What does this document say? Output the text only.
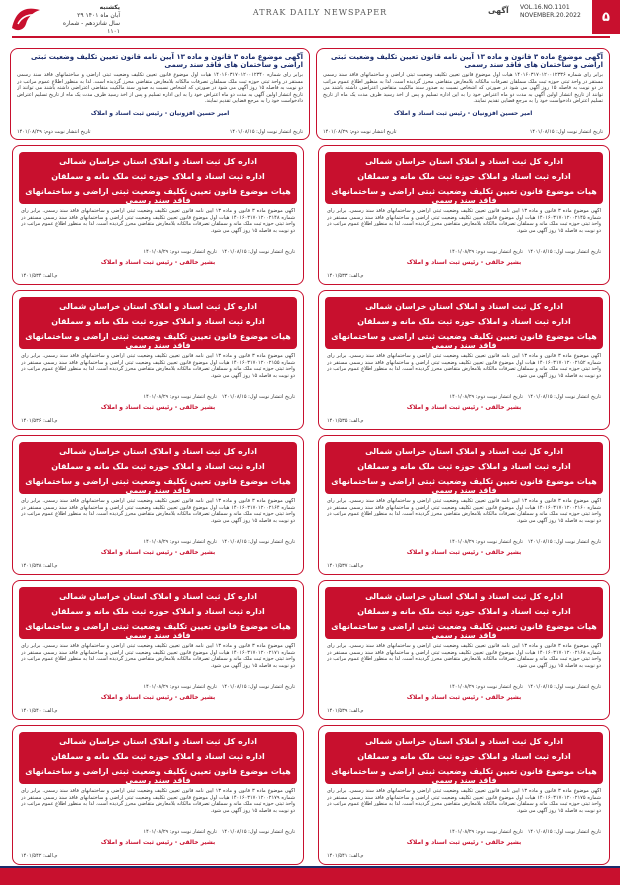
۵
VOL.16.NO.1101
NOVEMBER.20.2022
آگهی
ATRAK DAILY NEWSPAPER
یکشنبه
۲۹ آبان ماه ۱۴۰۱
سال شانزدهم - شماره ۱۱۰۱
آگهی موضوع ماده ۳ قانون و ماده ۱۳ آیین نامه قانون تعیین تکلیف وضعیت ثبتی اراضی و ساختمان های فاقد سند رسمی
برابر رأی شماره ۱۴۰۱۶۰۳۱۷۰۱۲۰۰۱۲۳۳۶ هیات اول موضوع قانون تعیین تکلیف وضعیت ثبتی اراضی و ساختمانهای فاقد سند رسمی مستقر در واحد ثبتی حوزه ثبت ملک سملقان تصرفات مالکانه بلامعارض متقاضی محرز گردیده است. لذا به منظور اطلاع عموم مراتب در دو نوبت به فاصله ۱۵ روز آگهی می شود در صورتی که اشخاص نسبت به صدور سند مالکیت متقاضی اعتراضی داشته باشند می توانند از تاریخ انتشار اولین آگهی به مدت دو ماه اعتراض خود را به این اداره تسلیم و پس از اخذ رسید ظرف مدت یک ماه از تاریخ تسلیم اعتراض دادخواست خود را به مرجع قضایی تقدیم نمایند.
امیر حسین افزونیان - رئیس ثبت اسناد و املاک
تاریخ انتشار نوبت اول: ۱۴۰۱/۰۸/۱۵
تاریخ انتشار نوبت دوم: ۱۴۰۱/۰۸/۲۹
آگهی موضوع ماده ۳ قانون و ماده ۱۳ آیین نامه قانون تعیین تکلیف وضعیت ثبتی اراضی و ساختمان های فاقد سند رسمی
برابر رأی شماره ۱۴۰۱۶۰۳۱۷۰۱۲۰۰۱۲۳۴۰ هیات اول موضوع قانون تعیین تکلیف وضعیت ثبتی اراضی و ساختمانهای فاقد سند رسمی مستقر در واحد ثبتی حوزه ثبت ملک سملقان تصرفات مالکانه بلامعارض متقاضی محرز گردیده است. لذا به منظور اطلاع عموم مراتب در دو نوبت به فاصله ۱۵ روز آگهی می شود در صورتی که اشخاص نسبت به صدور سند مالکیت متقاضی اعتراضی داشته باشند می توانند از تاریخ انتشار اولین آگهی به مدت دو ماه اعتراض خود را به این اداره تسلیم و پس از اخذ رسید ظرف مدت یک ماه از تاریخ تسلیم اعتراض دادخواست خود را به مرجع قضایی تقدیم نمایند.
امیر حسین افزونیان - رئیس ثبت اسناد و املاک
تاریخ انتشار نوبت اول: ۱۴۰۱/۰۸/۱۵
تاریخ انتشار نوبت دوم: ۱۴۰۱/۰۸/۲۹
اداره کل ثبت اسناد و املاک استان خراسان شمالی
اداره ثبت اسناد و املاک حوزه ثبت ملک مانه و سملقان
هیات موضوع قانون تعیین تکلیف وضعیت ثبتی اراضی و ساختمانهای فاقد سند رسمی
آگهی موضوع ماده ۳ قانون و ماده ۱۳ آیین نامه قانون تعیین تکلیف وضعیت ثبتی اراضی و ساختمانهای فاقد سند رسمی. برابر رأی شماره ۱۴۰۱۶۰۳۱۷۰۱۲۰۰۲۱۴۵ هیات اول موضوع قانون تعیین تکلیف وضعیت ثبتی اراضی و ساختمانهای فاقد سند رسمی مستقر در واحد ثبتی حوزه ثبت ملک مانه و سملقان تصرفات مالکانه بلامعارض متقاضی محرز گردیده است. لذا به منظور اطلاع عموم مراتب در دو نوبت به فاصله ۱۵ روز آگهی می شود.
تاریخ انتشار نوبت اول: ۱۴۰۱/۰۸/۱۵   تاریخ انتشار نوبت دوم: ۱۴۰۱/۰۸/۲۹
بشیر خالقی - رئیس ثبت اسناد و املاک
م.الف: ۱۴۰۱/۵۳۳
اداره کل ثبت اسناد و املاک استان خراسان شمالی
اداره ثبت اسناد و املاک حوزه ثبت ملک مانه و سملقان
هیات موضوع قانون تعیین تکلیف وضعیت ثبتی اراضی و ساختمانهای فاقد سند رسمی
آگهی موضوع ماده ۳ قانون و ماده ۱۳ آیین نامه قانون تعیین تکلیف وضعیت ثبتی اراضی و ساختمانهای فاقد سند رسمی. برابر رأی شماره ۱۴۰۱۶۰۳۱۷۰۱۲۰۰۲۱۴۸ هیات اول موضوع قانون تعیین تکلیف وضعیت ثبتی اراضی و ساختمانهای فاقد سند رسمی مستقر در واحد ثبتی حوزه ثبت ملک مانه و سملقان تصرفات مالکانه بلامعارض متقاضی محرز گردیده است. لذا به منظور اطلاع عموم مراتب در دو نوبت به فاصله ۱۵ روز آگهی می شود.
تاریخ انتشار نوبت اول: ۱۴۰۱/۰۸/۱۵   تاریخ انتشار نوبت دوم: ۱۴۰۱/۰۸/۲۹
بشیر خالقی - رئیس ثبت اسناد و املاک
م.الف: ۱۴۰۱/۵۳۴
اداره کل ثبت اسناد و املاک استان خراسان شمالی
اداره ثبت اسناد و املاک حوزه ثبت ملک مانه و سملقان
هیات موضوع قانون تعیین تکلیف وضعیت ثبتی اراضی و ساختمانهای فاقد سند رسمی
آگهی موضوع ماده ۳ قانون و ماده ۱۳ آیین نامه قانون تعیین تکلیف وضعیت ثبتی اراضی و ساختمانهای فاقد سند رسمی. برابر رأی شماره ۱۴۰۱۶۰۳۱۷۰۱۲۰۰۲۱۵۲ هیات اول موضوع قانون تعیین تکلیف وضعیت ثبتی اراضی و ساختمانهای فاقد سند رسمی مستقر در واحد ثبتی حوزه ثبت ملک مانه و سملقان تصرفات مالکانه بلامعارض متقاضی محرز گردیده است. لذا به منظور اطلاع عموم مراتب در دو نوبت به فاصله ۱۵ روز آگهی می شود.
تاریخ انتشار نوبت اول: ۱۴۰۱/۰۸/۱۵   تاریخ انتشار نوبت دوم: ۱۴۰۱/۰۸/۲۹
بشیر خالقی - رئیس ثبت اسناد و املاک
م.الف: ۱۴۰۱/۵۳۵
اداره کل ثبت اسناد و املاک استان خراسان شمالی
اداره ثبت اسناد و املاک حوزه ثبت ملک مانه و سملقان
هیات موضوع قانون تعیین تکلیف وضعیت ثبتی اراضی و ساختمانهای فاقد سند رسمی
آگهی موضوع ماده ۳ قانون و ماده ۱۳ آیین نامه قانون تعیین تکلیف وضعیت ثبتی اراضی و ساختمانهای فاقد سند رسمی. برابر رأی شماره ۱۴۰۱۶۰۳۱۷۰۱۲۰۰۲۱۵۵ هیات اول موضوع قانون تعیین تکلیف وضعیت ثبتی اراضی و ساختمانهای فاقد سند رسمی مستقر در واحد ثبتی حوزه ثبت ملک مانه و سملقان تصرفات مالکانه بلامعارض متقاضی محرز گردیده است. لذا به منظور اطلاع عموم مراتب در دو نوبت به فاصله ۱۵ روز آگهی می شود.
تاریخ انتشار نوبت اول: ۱۴۰۱/۰۸/۱۵   تاریخ انتشار نوبت دوم: ۱۴۰۱/۰۸/۲۹
بشیر خالقی - رئیس ثبت اسناد و املاک
م.الف: ۱۴۰۱/۵۳۶
اداره کل ثبت اسناد و املاک استان خراسان شمالی
اداره ثبت اسناد و املاک حوزه ثبت ملک مانه و سملقان
هیات موضوع قانون تعیین تکلیف وضعیت ثبتی اراضی و ساختمانهای فاقد سند رسمی
آگهی موضوع ماده ۳ قانون و ماده ۱۳ آیین نامه قانون تعیین تکلیف وضعیت ثبتی اراضی و ساختمانهای فاقد سند رسمی. برابر رأی شماره ۱۴۰۱۶۰۳۱۷۰۱۲۰۰۲۱۶۰ هیات اول موضوع قانون تعیین تکلیف وضعیت ثبتی اراضی و ساختمانهای فاقد سند رسمی مستقر در واحد ثبتی حوزه ثبت ملک مانه و سملقان تصرفات مالکانه بلامعارض متقاضی محرز گردیده است. لذا به منظور اطلاع عموم مراتب در دو نوبت به فاصله ۱۵ روز آگهی می شود.
تاریخ انتشار نوبت اول: ۱۴۰۱/۰۸/۱۵   تاریخ انتشار نوبت دوم: ۱۴۰۱/۰۸/۲۹
بشیر خالقی - رئیس ثبت اسناد و املاک
م.الف: ۱۴۰۱/۵۳۷
اداره کل ثبت اسناد و املاک استان خراسان شمالی
اداره ثبت اسناد و املاک حوزه ثبت ملک مانه و سملقان
هیات موضوع قانون تعیین تکلیف وضعیت ثبتی اراضی و ساختمانهای فاقد سند رسمی
آگهی موضوع ماده ۳ قانون و ماده ۱۳ آیین نامه قانون تعیین تکلیف وضعیت ثبتی اراضی و ساختمانهای فاقد سند رسمی. برابر رأی شماره ۱۴۰۱۶۰۳۱۷۰۱۲۰۰۲۱۶۴ هیات اول موضوع قانون تعیین تکلیف وضعیت ثبتی اراضی و ساختمانهای فاقد سند رسمی مستقر در واحد ثبتی حوزه ثبت ملک مانه و سملقان تصرفات مالکانه بلامعارض متقاضی محرز گردیده است. لذا به منظور اطلاع عموم مراتب در دو نوبت به فاصله ۱۵ روز آگهی می شود.
تاریخ انتشار نوبت اول: ۱۴۰۱/۰۸/۱۵   تاریخ انتشار نوبت دوم: ۱۴۰۱/۰۸/۲۹
بشیر خالقی - رئیس ثبت اسناد و املاک
م.الف: ۱۴۰۱/۵۳۸
اداره کل ثبت اسناد و املاک استان خراسان شمالی
اداره ثبت اسناد و املاک حوزه ثبت ملک مانه و سملقان
هیات موضوع قانون تعیین تکلیف وضعیت ثبتی اراضی و ساختمانهای فاقد سند رسمی
آگهی موضوع ماده ۳ قانون و ماده ۱۳ آیین نامه قانون تعیین تکلیف وضعیت ثبتی اراضی و ساختمانهای فاقد سند رسمی. برابر رأی شماره ۱۴۰۱۶۰۳۱۷۰۱۲۰۰۲۱۶۸ هیات اول موضوع قانون تعیین تکلیف وضعیت ثبتی اراضی و ساختمانهای فاقد سند رسمی مستقر در واحد ثبتی حوزه ثبت ملک مانه و سملقان تصرفات مالکانه بلامعارض متقاضی محرز گردیده است. لذا به منظور اطلاع عموم مراتب در دو نوبت به فاصله ۱۵ روز آگهی می شود.
تاریخ انتشار نوبت اول: ۱۴۰۱/۰۸/۱۵   تاریخ انتشار نوبت دوم: ۱۴۰۱/۰۸/۲۹
بشیر خالقی - رئیس ثبت اسناد و املاک
م.الف: ۱۴۰۱/۵۳۹
اداره کل ثبت اسناد و املاک استان خراسان شمالی
اداره ثبت اسناد و املاک حوزه ثبت ملک مانه و سملقان
هیات موضوع قانون تعیین تکلیف وضعیت ثبتی اراضی و ساختمانهای فاقد سند رسمی
آگهی موضوع ماده ۳ قانون و ماده ۱۳ آیین نامه قانون تعیین تکلیف وضعیت ثبتی اراضی و ساختمانهای فاقد سند رسمی. برابر رأی شماره ۱۴۰۱۶۰۳۱۷۰۱۲۰۰۲۱۷۱ هیات اول موضوع قانون تعیین تکلیف وضعیت ثبتی اراضی و ساختمانهای فاقد سند رسمی مستقر در واحد ثبتی حوزه ثبت ملک مانه و سملقان تصرفات مالکانه بلامعارض متقاضی محرز گردیده است. لذا به منظور اطلاع عموم مراتب در دو نوبت به فاصله ۱۵ روز آگهی می شود.
تاریخ انتشار نوبت اول: ۱۴۰۱/۰۸/۱۵   تاریخ انتشار نوبت دوم: ۱۴۰۱/۰۸/۲۹
بشیر خالقی - رئیس ثبت اسناد و املاک
م.الف: ۱۴۰۱/۵۴۰
اداره کل ثبت اسناد و املاک استان خراسان شمالی
اداره ثبت اسناد و املاک حوزه ثبت ملک مانه و سملقان
هیات موضوع قانون تعیین تکلیف وضعیت ثبتی اراضی و ساختمانهای فاقد سند رسمی
آگهی موضوع ماده ۳ قانون و ماده ۱۳ آیین نامه قانون تعیین تکلیف وضعیت ثبتی اراضی و ساختمانهای فاقد سند رسمی. برابر رأی شماره ۱۴۰۱۶۰۳۱۷۰۱۲۰۰۲۱۷۵ هیات اول موضوع قانون تعیین تکلیف وضعیت ثبتی اراضی و ساختمانهای فاقد سند رسمی مستقر در واحد ثبتی حوزه ثبت ملک مانه و سملقان تصرفات مالکانه بلامعارض متقاضی محرز گردیده است. لذا به منظور اطلاع عموم مراتب در دو نوبت به فاصله ۱۵ روز آگهی می شود.
تاریخ انتشار نوبت اول: ۱۴۰۱/۰۸/۱۵   تاریخ انتشار نوبت دوم: ۱۴۰۱/۰۸/۲۹
بشیر خالقی - رئیس ثبت اسناد و املاک
م.الف: ۱۴۰۱/۵۴۱
اداره کل ثبت اسناد و املاک استان خراسان شمالی
اداره ثبت اسناد و املاک حوزه ثبت ملک مانه و سملقان
هیات موضوع قانون تعیین تکلیف وضعیت ثبتی اراضی و ساختمانهای فاقد سند رسمی
آگهی موضوع ماده ۳ قانون و ماده ۱۳ آیین نامه قانون تعیین تکلیف وضعیت ثبتی اراضی و ساختمانهای فاقد سند رسمی. برابر رأی شماره ۱۴۰۱۶۰۳۱۷۰۱۲۰۰۲۱۷۹ هیات اول موضوع قانون تعیین تکلیف وضعیت ثبتی اراضی و ساختمانهای فاقد سند رسمی مستقر در واحد ثبتی حوزه ثبت ملک مانه و سملقان تصرفات مالکانه بلامعارض متقاضی محرز گردیده است. لذا به منظور اطلاع عموم مراتب در دو نوبت به فاصله ۱۵ روز آگهی می شود.
تاریخ انتشار نوبت اول: ۱۴۰۱/۰۸/۱۵   تاریخ انتشار نوبت دوم: ۱۴۰۱/۰۸/۲۹
بشیر خالقی - رئیس ثبت اسناد و املاک
م.الف: ۱۴۰۱/۵۴۲
